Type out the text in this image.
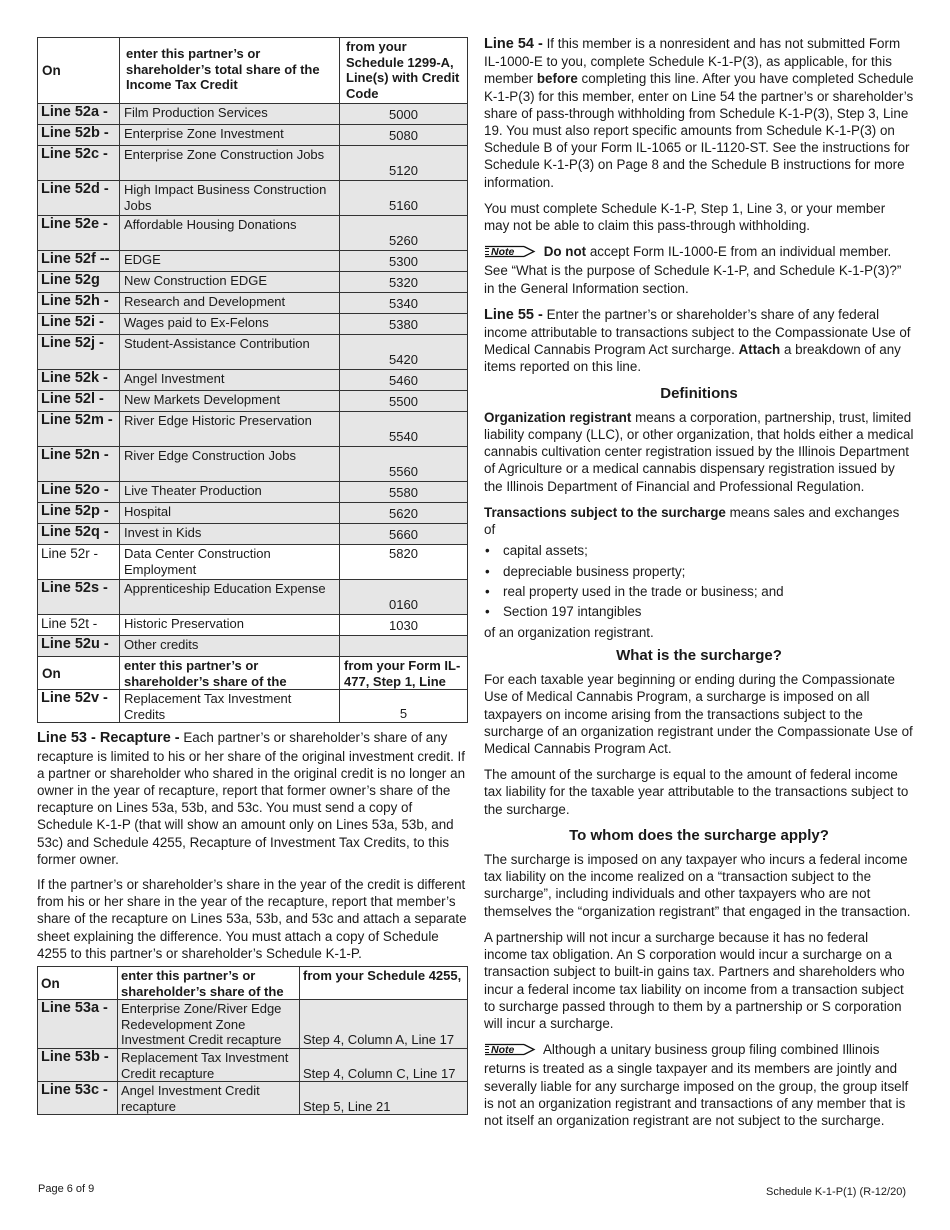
On	enter this partner’s or shareholder’s total share of the Income Tax Credit	from your Schedule 1299-A, Line(s) with Credit Code
Line 52a -	Film Production Services	5000
Line 52b -	Enterprise Zone Investment	5080
Line 52c -	Enterprise Zone Construction Jobs	5120
Line 52d -	High Impact Business Construction Jobs	5160
Line 52e -	Affordable Housing Donations	5260
Line 52f --	EDGE	5300
Line 52g	New Construction EDGE	5320
Line 52h -	Research and Development	5340
Line 52i -	Wages paid to Ex-Felons	5380
Line 52j -	Student-Assistance Contribution	5420
Line 52k -	Angel Investment	5460
Line 52l -	New Markets Development	5500
Line 52m -	River Edge Historic Preservation	5540
Line 52n -	River Edge Construction Jobs	5560
Line 52o -	Live Theater Production	5580
Line 52p -	Hospital	5620
Line 52q -	Invest in Kids	5660
Line 52r -	Data Center Construction Employment	5820
Line 52s -	Apprenticeship Education Expense	0160
Line 52t -	Historic Preservation	1030
Line 52u -	Other credits	
On	enter this partner’s or shareholder’s share of the	from your Form IL-477, Step 1, Line
Line 52v -	Replacement Tax Investment Credits	5

Line 53 - Recapture - Each partner’s or shareholder’s share of any recapture is limited to his or her share of the original investment credit. If a partner or shareholder who shared in the original credit is no longer an owner in the year of recapture, report that former owner’s share of the recapture on Lines 53a, 53b, and 53c. You must send a copy of Schedule K-1-P (that will show an amount only on Lines 53a, 53b, and 53c) and Schedule 4255, Recapture of Investment Tax Credits, to this former owner.

If the partner’s or shareholder’s share in the year of the credit is different from his or her share in the year of the recapture, report that member’s share of the recapture on Lines 53a, 53b, and 53c and attach a separate sheet explaining the difference. You must attach a copy of Schedule 4255 to this partner’s or shareholder’s Schedule K-1-P.

On	enter this partner’s or shareholder’s share of the	from your Schedule 4255,
Line 53a -	Enterprise Zone/River Edge Redevelopment Zone Investment Credit recapture	Step 4, Column A, Line 17
Line 53b -	Replacement Tax Investment Credit recapture	Step 4, Column C, Line 17
Line 53c -	Angel Investment Credit recapture	Step 5, Line 21

Line 54 - If this member is a nonresident and has not submitted Form IL-1000-E to you, complete Schedule K-1-P(3), as applicable, for this member before completing this line. After you have completed Schedule K-1-P(3) for this member, enter on Line 54 the partner’s or shareholder’s share of pass-through withholding from Schedule K-1-P(3), Step 3, Line 19. You must also report specific amounts from Schedule K-1-P(3) on Schedule B of your Form IL-1065 or IL-1120-ST. See the instructions for Schedule K-1-P(3) on Page 8 and the Schedule B instructions for more information.

You must complete Schedule K-1-P, Step 1, Line 3, or your member may not be able to claim this pass-through withholding.

Note Do not accept Form IL-1000-E from an individual member. See “What is the purpose of Schedule K-1-P, and Schedule K-1-P(3)?” in the General Information section.

Line 55 - Enter the partner’s or shareholder’s share of any federal income attributable to transactions subject to the Compassionate Use of Medical Cannabis Program Act surcharge. Attach a breakdown of any items reported on this line.

Definitions

Organization registrant means a corporation, partnership, trust, limited liability company (LLC), or other organization, that holds either a medical cannabis cultivation center registration issued by the Illinois Department of Agriculture or a medical cannabis dispensary registration issued by the Illinois Department of Financial and Professional Regulation.

Transactions subject to the surcharge means sales and exchanges of

• capital assets;
• depreciable business property;
• real property used in the trade or business; and
• Section 197 intangibles

of an organization registrant.

What is the surcharge?

For each taxable year beginning or ending during the Compassionate Use of Medical Cannabis Program, a surcharge is imposed on all taxpayers on income arising from the transactions subject to the surcharge of an organization registrant under the Compassionate Use of Medical Cannabis Program Act.

The amount of the surcharge is equal to the amount of federal income tax liability for the taxable year attributable to the transactions subject to the surcharge.

To whom does the surcharge apply?

The surcharge is imposed on any taxpayer who incurs a federal income tax liability on the income realized on a “transaction subject to the surcharge”, including individuals and other taxpayers who are not themselves the “organization registrant” that engaged in the transaction.

A partnership will not incur a surcharge because it has no federal income tax obligation. An S corporation would incur a surcharge on a transaction subject to built-in gains tax. Partners and shareholders who incur a federal income tax liability on income from a transaction subject to surcharge passed through to them by a partnership or S corporation will incur a surcharge.

Note Although a unitary business group filing combined Illinois returns is treated as a single taxpayer and its members are jointly and severally liable for any surcharge imposed on the group, the group itself is not an organization registrant and transactions of any member that is not itself an organization registrant are not subject to the surcharge.

Page 6 of 9	Schedule K-1-P(1) (R-12/20)
